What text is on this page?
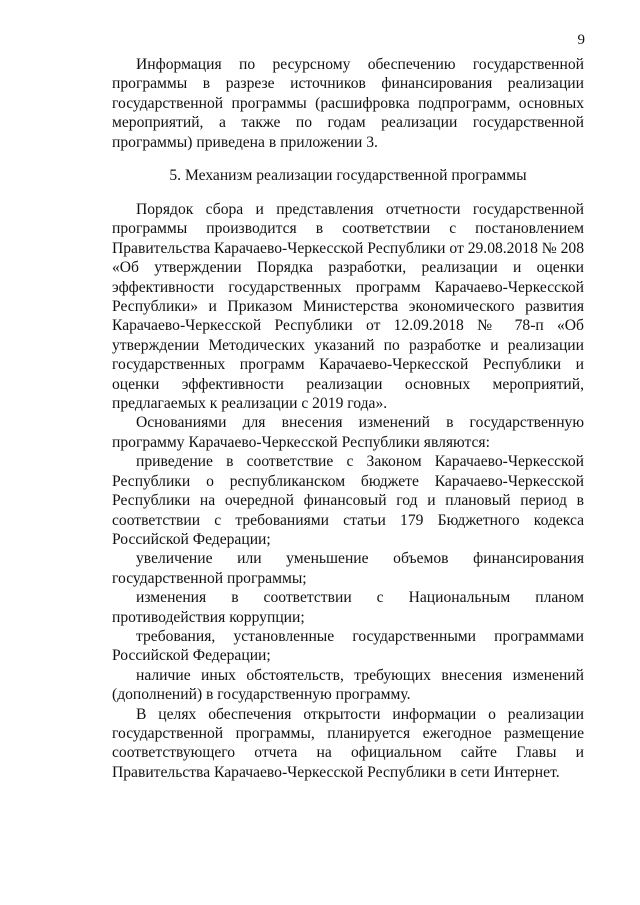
9

Информация по ресурсному обеспечению государственной программы в разрезе источников финансирования реализации государственной программы (расшифровка подпрограмм, основных мероприятий, а также по годам реализации государственной программы) приведена в приложении 3.

5. Механизм реализации государственной программы

Порядок сбора и представления отчетности государственной программы производится в соответствии с постановлением Правительства Карачаево-Черкесской Республики от 29.08.2018 № 208 «Об утверждении Порядка разработки, реализации и оценки эффективности государственных программ Карачаево-Черкесской Республики» и Приказом Министерства экономического развития Карачаево-Черкесской Республики от 12.09.2018 № 78-п «Об утверждении Методических указаний по разработке и реализации государственных программ Карачаево-Черкесской Республики и оценки эффективности реализации основных мероприятий, предлагаемых к реализации с 2019 года».

Основаниями для внесения изменений в государственную программу Карачаево-Черкесской Республики являются:

приведение в соответствие с Законом Карачаево-Черкесской Республики о республиканском бюджете Карачаево-Черкесской Республики на очередной финансовый год и плановый период в соответствии с требованиями статьи 179 Бюджетного кодекса Российской Федерации;

увеличение или уменьшение объемов финансирования государственной программы;

изменения в соответствии с Национальным планом противодействия коррупции;

требования, установленные государственными программами Российской Федерации;

наличие иных обстоятельств, требующих внесения изменений (дополнений) в государственную программу.

В целях обеспечения открытости информации о реализации государственной программы, планируется ежегодное размещение соответствующего отчета на официальном сайте Главы и Правительства Карачаево-Черкесской Республики в сети Интернет.
